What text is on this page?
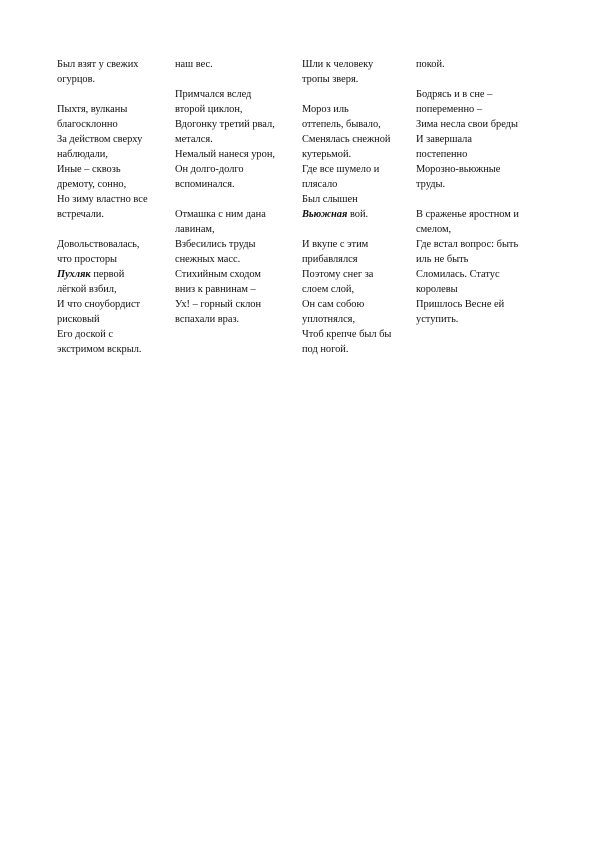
Был взят у свежих
огурцов.

Пыхтя, вулканы
благосклонно
За действом сверху
наблюдали,
Иные – сквозь
дремоту, сонно,
Но зиму властно все
встречали.

Довольствовалась,
что просторы
Пухляк первой
лёгкой взбил,
И что сноубордист
рисковый
Его доской с
экстримом вскрыл.

наш вес.

Примчался вслед
второй циклон,
Вдогонку третий рвал,
метался.
Немалый нанеся урон,
Он долго-долго
вспоминался.

Отмашка с ним дана
лавинам,
Взбесились труды
снежных масс.
Стихийным сходом
вниз к равнинам –
Ух! – горный склон
вспахали враз.

Шли к человеку
тропы зверя.

Мороз иль
оттепель, бывало,
Сменялась снежной
кутерьмой.
Где все шумело и
плясало
Был слышен
Вьюжная вой.

И вкупе с этим
прибавлялся
Поэтому снег за
слоем слой,
Он сам собою
уплотнялся,
Чтоб крепче был бы
под ногой.

покой.

Бодрясь и в сне –
попеременно –
Зима несла свои бреды
И завершала
постепенно
Морозно-вьюжные
труды.

В сраженье яростном и
смелом,
Где встал вопрос: быть
иль не быть
Сломилась. Статус
королевы
Пришлось Весне ей
уступить.
